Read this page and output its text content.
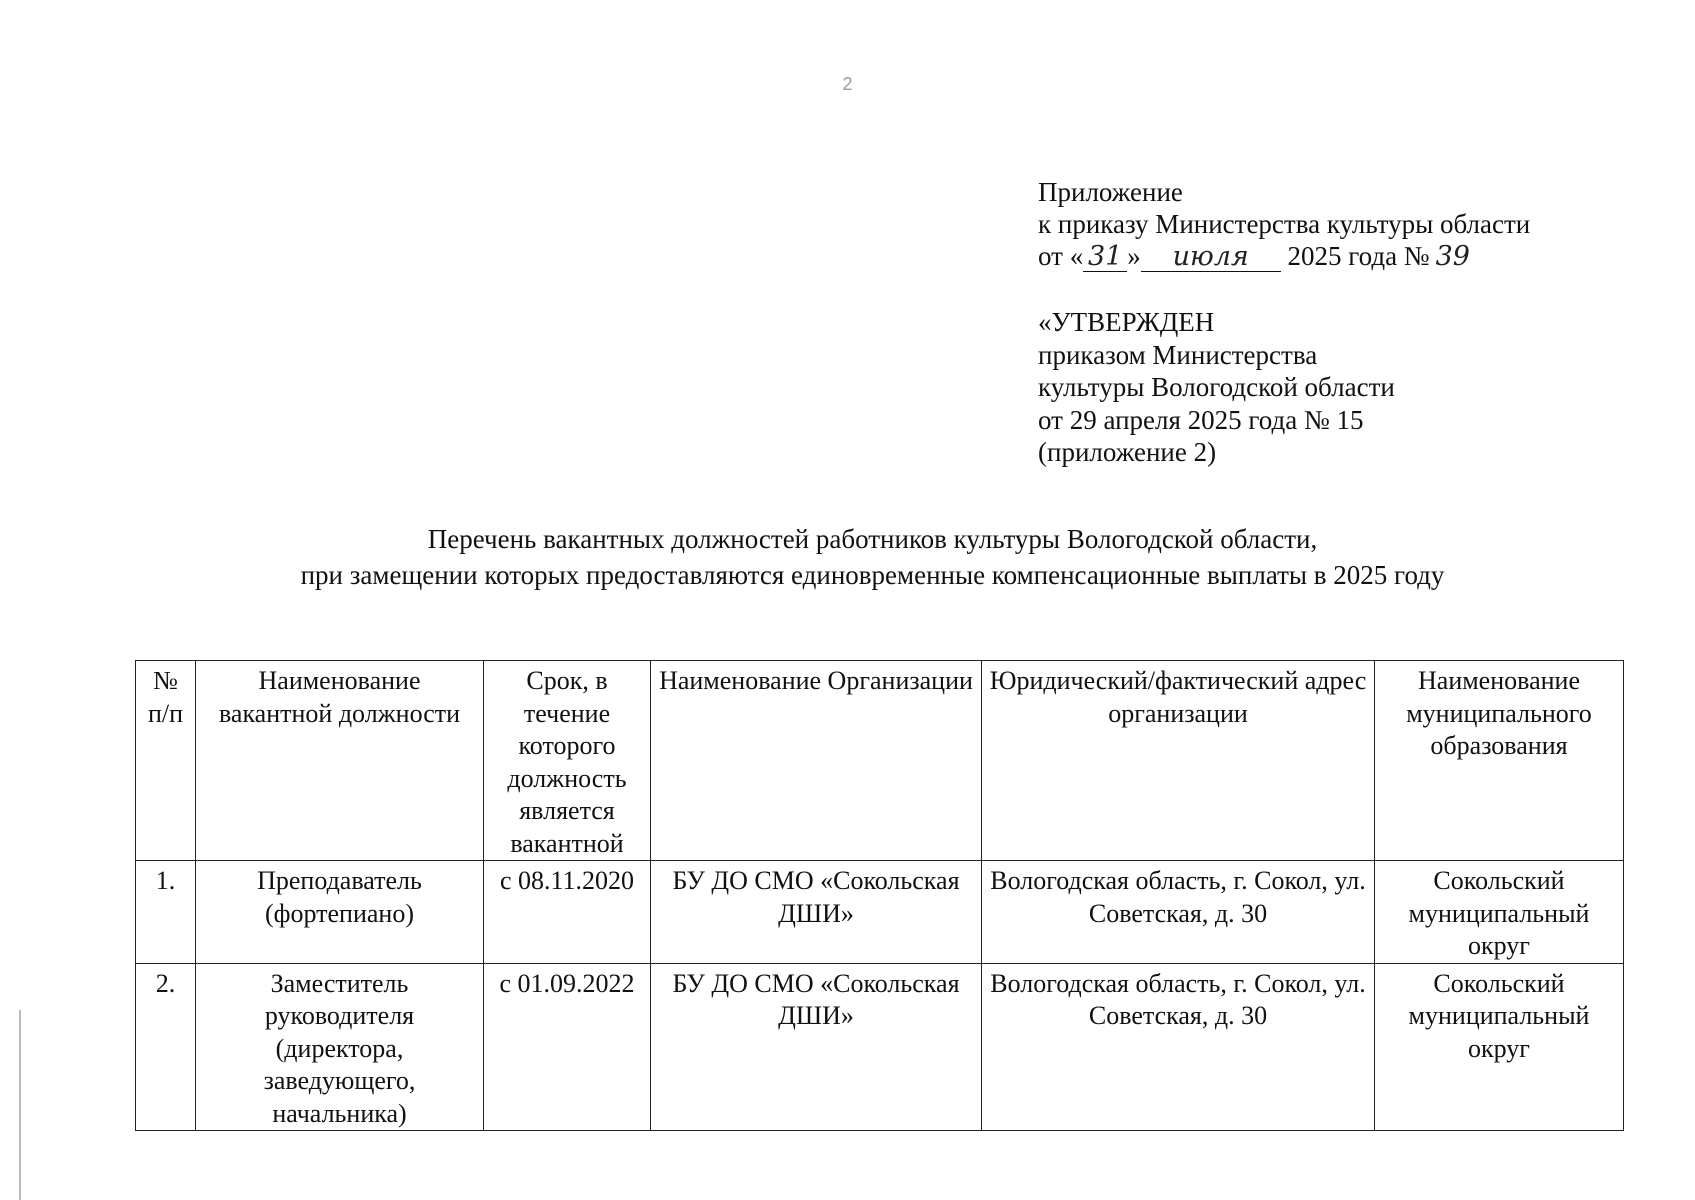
2
Приложение
к приказу Министерства культуры области
от « 31 » июля 2025 года № 39
«УТВЕРЖДЕН
приказом Министерства
культуры Вологодской области
от 29 апреля 2025 года № 15
(приложение 2)
Перечень вакантных должностей работников культуры Вологодской области,
при замещении которых предоставляются единовременные компенсационные выплаты в 2025 году
№ п/п	Наименование вакантной должности	Срок, в течение которого должность является вакантной	Наименование Организации	Юридический/фактический адрес организации	Наименование муниципального образования
1.	Преподаватель (фортепиано)	с 08.11.2020	БУ ДО СМО «Сокольская ДШИ»	Вологодская область, г. Сокол, ул. Советская, д. 30	Сокольский муниципальный округ
2.	Заместитель руководителя (директора, заведующего, начальника)	с 01.09.2022	БУ ДО СМО «Сокольская ДШИ»	Вологодская область, г. Сокол, ул. Советская, д. 30	Сокольский муниципальный округ
